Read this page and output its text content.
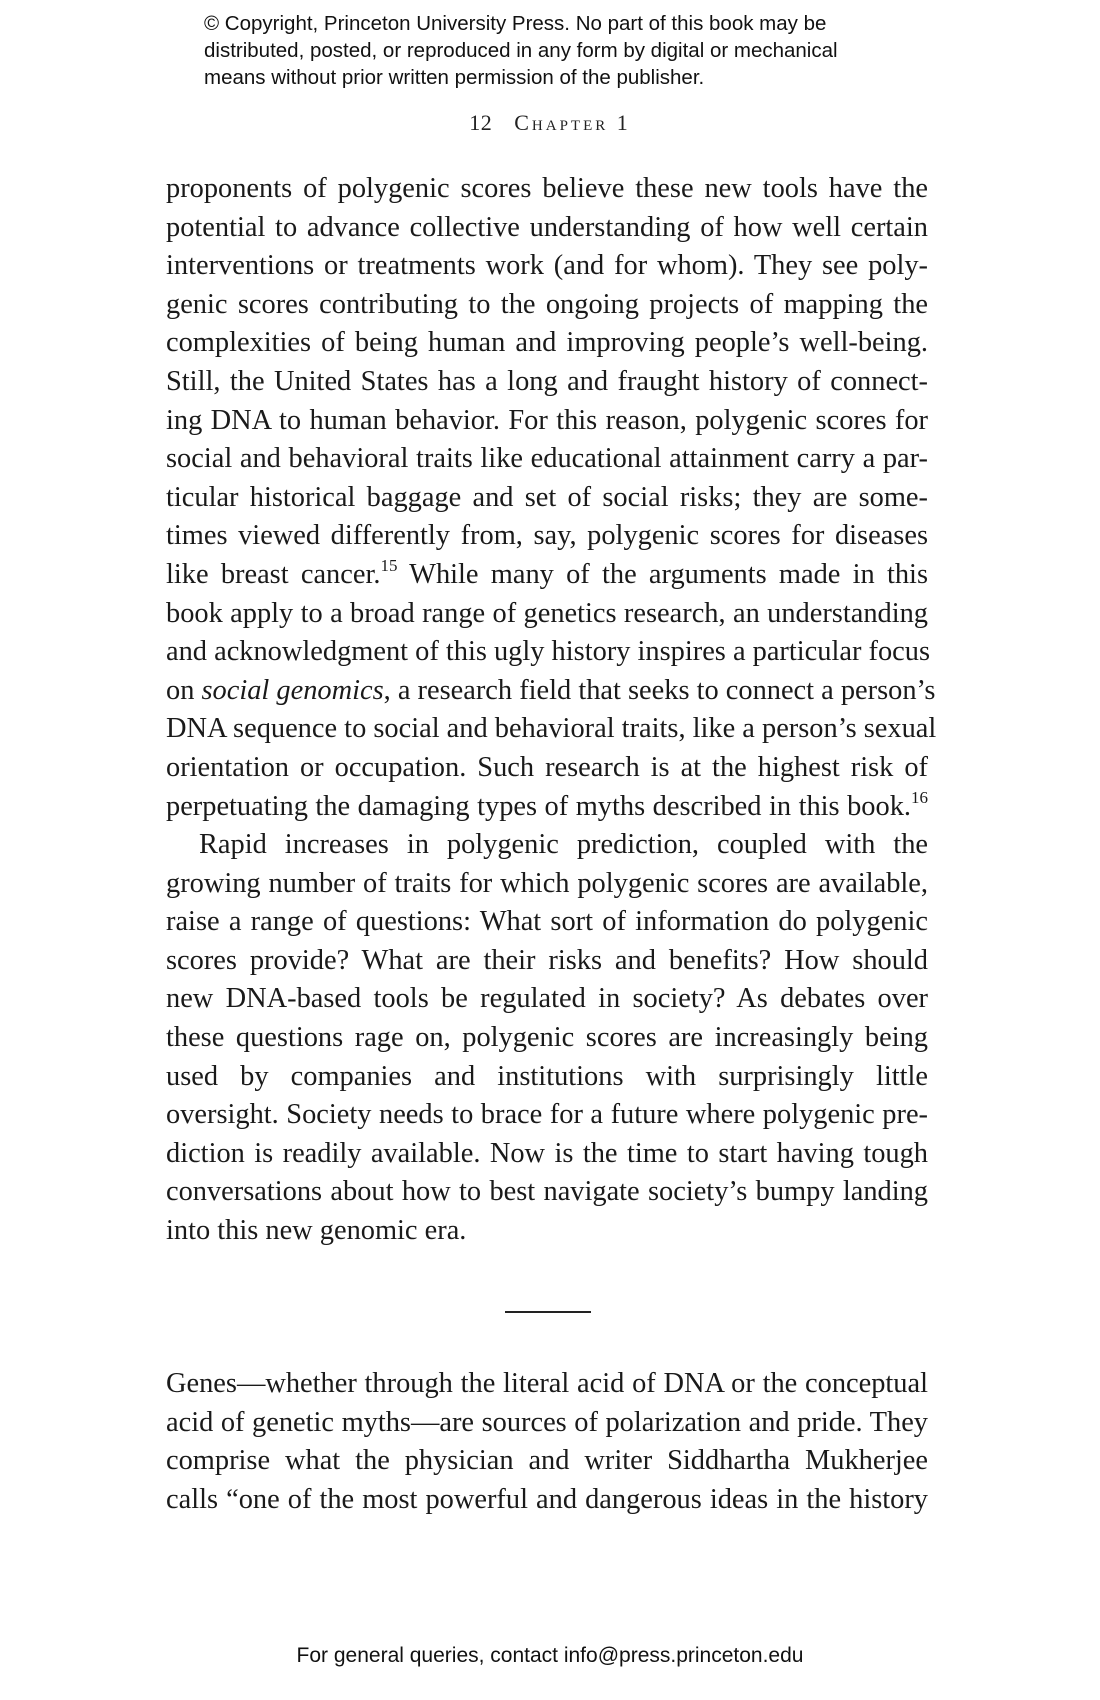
© Copyright, Princeton University Press. No part of this book may be

distributed, posted, or reproduced in any form by digital or mechanical

means without prior written permission of the publisher.

12 Chapter 1
proponents of polygenic scores believe these new tools have the
potential to advance collective understanding of how well certain
interventions or treatments work (and for whom). They see poly-
genic scores contributing to the ongoing projects of mapping the
complexities of being human and improving people’s well-being.
Still, the United States has a long and fraught history of connect-
ing DNA to human behavior. For this reason, polygenic scores for
social and behavioral traits like educational attainment carry a par-
ticular historical baggage and set of social risks; they are some-
times viewed differently from, say, polygenic scores for diseases
like breast cancer.$^{15}$ While many of the arguments made in this
book apply to a broad range of genetics research, an understanding
and acknowledgment of this ugly history inspires a particular focus
on social genomics, a research field that seeks to connect a person’s
DNA sequence to social and behavioral traits, like a person’s sexual
orientation or occupation. Such research is at the highest risk of
perpetuating the damaging types of myths described in this book.$^{16}$
Rapid increases in polygenic prediction, coupled with the
growing number of traits for which polygenic scores are available,
raise a range of questions: What sort of information do polygenic
scores provide? What are their risks and benefits? How should
new DNA-based tools be regulated in society? As debates over
these questions rage on, polygenic scores are increasingly being
used by companies and institutions with surprisingly little
oversight. Society needs to brace for a future where polygenic pre-
diction is readily available. Now is the time to start having tough
conversations about how to best navigate society’s bumpy landing
into this new genomic era.
Genes—whether through the literal acid of DNA or the conceptual
acid of genetic myths—are sources of polarization and pride. They
comprise what the physician and writer Siddhartha Mukherjee
calls “one of the most powerful and dangerous ideas in the history
For general queries, contact info@press.princeton.edu
